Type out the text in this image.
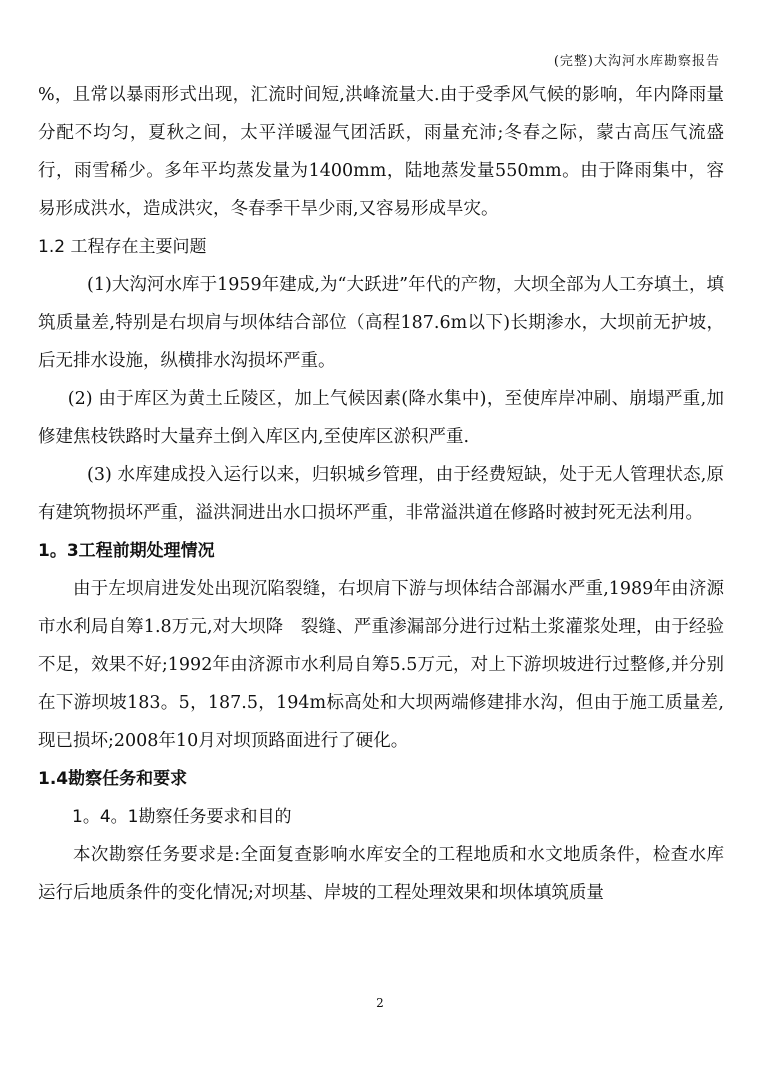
(完整)大沟河水库勘察报告

%，且常以暴雨形式出现，汇流时间短,洪峰流量大.由于受季风气候的影响，年内降雨量分配不均匀，夏秋之间，太平洋暖湿气团活跃，雨量充沛;冬春之际，蒙古高压气流盛行，雨雪稀少。多年平均蒸发量为1400mm，陆地蒸发量550mm。由于降雨集中，容易形成洪水，造成洪灾，冬春季干旱少雨,又容易形成旱灾。

1.2 工程存在主要问题

(1)大沟河水库于1959年建成,为“大跃进”年代的产物，大坝全部为人工夯填土，填筑质量差,特别是右坝肩与坝体结合部位（高程187.6m以下)长期渗水，大坝前无护坡，后无排水设施，纵横排水沟损坏严重。

(2) 由于库区为黄土丘陵区，加上气候因素(降水集中)，至使库岸冲刷、崩塌严重,加修建焦枝铁路时大量弃土倒入库区内,至使库区淤积严重.

(3) 水库建成投入运行以来，归轵城乡管理，由于经费短缺，处于无人管理状态,原有建筑物损坏严重，溢洪洞进出水口损坏严重，非常溢洪道在修路时被封死无法利用。

1。3工程前期处理情况

由于左坝肩进发处出现沉陷裂缝，右坝肩下游与坝体结合部漏水严重,1989年由济源市水利局自筹1.8万元,对大坝降　裂缝、严重渗漏部分进行过粘土浆灌浆处理，由于经验不足，效果不好;1992年由济源市水利局自筹5.5万元，对上下游坝坡进行过整修,并分别在下游坝坡183。5，187.5，194m标高处和大坝两端修建排水沟，但由于施工质量差,现已损坏;2008年10月对坝顶路面进行了硬化。

1.4勘察任务和要求

1。4。1勘察任务要求和目的

本次勘察任务要求是:全面复查影响水库安全的工程地质和水文地质条件，检查水库运行后地质条件的变化情况;对坝基、岸坡的工程处理效果和坝体填筑质量

2
